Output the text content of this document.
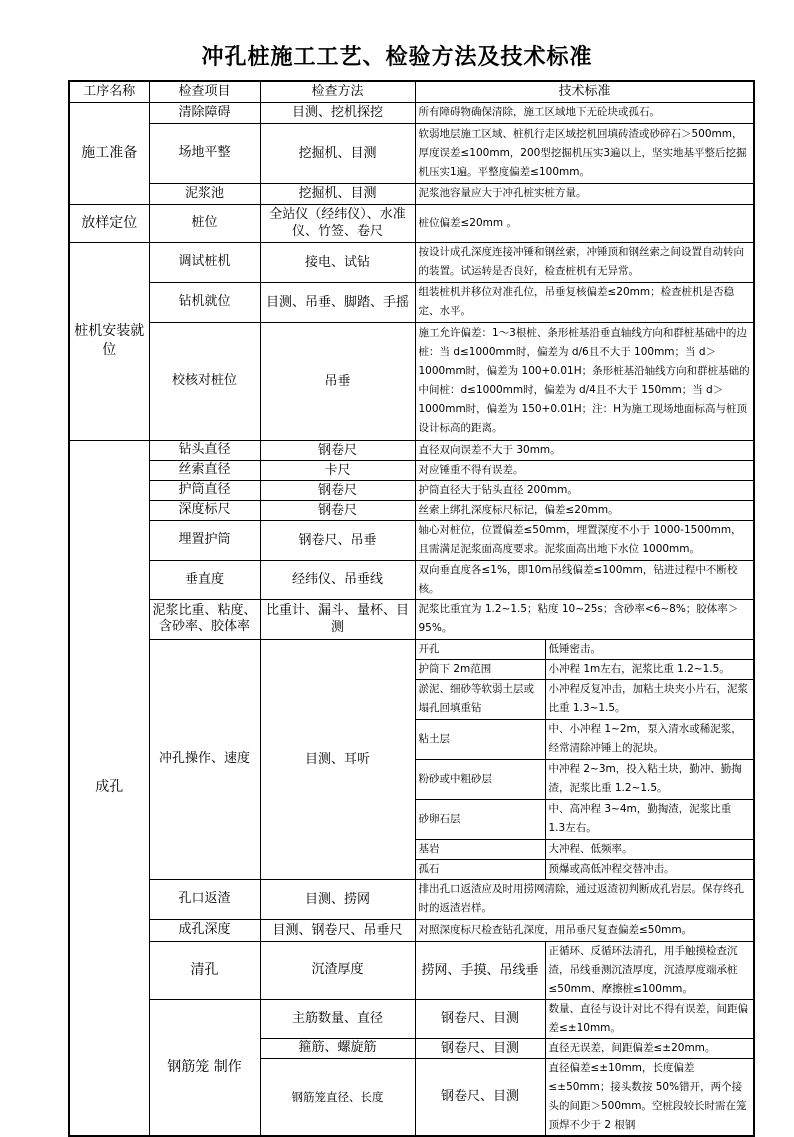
冲孔桩施工工艺、检验方法及技术标准
工序名称	检查项目	检查方法	技术标准	
施工准备	清除障碍	目测、挖机探挖	所有障碍物确保清除，施工区域地下无砼块或孤石。	
	场地平整	挖掘机、目测	软弱地层施工区域、桩机行走区域挖机回填砖渣或砂碎石＞500mm，厚度误差≤100mm，200型挖掘机压实3遍以上，坚实地基平整后挖掘机压实1遍。平整度偏差≤100mm。	
	泥浆池	挖掘机、目测	泥浆池容量应大于冲孔桩实桩方量。	
放样定位	桩位	全站仪（经纬仪）、水准仪、竹签、卷尺	桩位偏差≤20mm 。	
桩机安装就位	调试桩机	接电、试钻	按设计成孔深度连接冲锤和钢丝索，冲锤顶和钢丝索之间设置自动转向的装置。试运转是否良好，检查桩机有无异常。	
	钻机就位	目测、吊垂、脚踏、手摇	组装桩机并移位对准孔位，吊垂复核偏差≤20mm；检查桩机是否稳定、水平。	
	校核对桩位	吊垂	施工允许偏差：1～3根桩、条形桩基沿垂直轴线方向和群桩基础中的边桩：当 d≤1000mm时，偏差为 d/6且不大于 100mm；当 d＞1000mm时，偏差为 100+0.01H；条形桩基沿轴线方向和群桩基础的中间桩：d≤1000mm时，偏差为 d/4且不大于 150mm；当 d＞1000mm时，偏差为 150+0.01H；注：H为施工现场地面标高与桩顶设计标高的距离。	
成孔	钻头直径	钢卷尺	直径双向误差不大于 30mm。	
	丝索直径	卡尺	对应锤重不得有误差。	
	护筒直径	钢卷尺	护筒直径大于钻头直径 200mm。	
	深度标尺	钢卷尺	丝索上绑扎深度标尺标记，偏差≤20mm。	
	埋置护筒	钢卷尺、吊垂	轴心对桩位，位置偏差≤50mm，埋置深度不小于 1000-1500mm，且需满足泥浆面高度要求。泥浆面高出地下水位 1000mm。	
	垂直度	经纬仪、吊垂线	双向垂直度各≤1%，即10m吊线偏差≤100mm，钻进过程中不断校核。	
	泥浆比重、粘度、含砂率、胶体率	比重计、漏斗、量杯、目测	泥浆比重宜为 1.2~1.5；粘度 10~25s；含砂率<6~8%；胶体率＞95%。	
	冲孔操作、速度	目测、耳听	开孔	低锤密击。
			护筒下 2m范围	小冲程 1m左右，泥浆比重 1.2~1.5。
			淤泥、细砂等软弱土层或塌孔回填重钻	小冲程反复冲击，加粘土块夹小片石，泥浆比重 1.3~1.5。
			粘土层	中、小冲程 1~2m，泵入清水或稀泥浆，经常清除冲锤上的泥块。
			粉砂或中粗砂层	中冲程 2~3m，投入粘土块，勤冲、勤掏渣，泥浆比重 1.2~1.5。
			砂卵石层	中、高冲程 3~4m，勤掏渣，泥浆比重 1.3左右。
			基岩	大冲程、低频率。
			孤石	预爆或高低冲程交替冲击。
	孔口返渣	目测、捞网	排出孔口返渣应及时用捞网清除，通过返渣初判断成孔岩层。保存终孔时的返渣岩样。	
	成孔深度	目测、钢卷尺、吊垂尺	对照深度标尺检查钻孔深度，用吊垂尺复查偏差≤50mm。	
	清孔	沉渣厚度	捞网、手摸、吊线垂	正循环、反循环法清孔，用手触摸检查沉渣，吊线垂测沉渣厚度，沉渣厚度端承桩≤50mm、摩擦桩≤100mm。
	钢筋笼 制作	主筋数量、直径	钢卷尺、目测	数量、直径与设计对比不得有误差，间距偏差≤±10mm。
		箍筋、螺旋筋	钢卷尺、目测	直径无误差，间距偏差≤±20mm。
		钢筋笼直径、长度	钢卷尺、目测	直径偏差≤±10mm，长度偏差≤±50mm；接头数按 50%错开，两个接头的间距＞500mm。空桩段较长时需在笼顶焊不少于 2 根钢
